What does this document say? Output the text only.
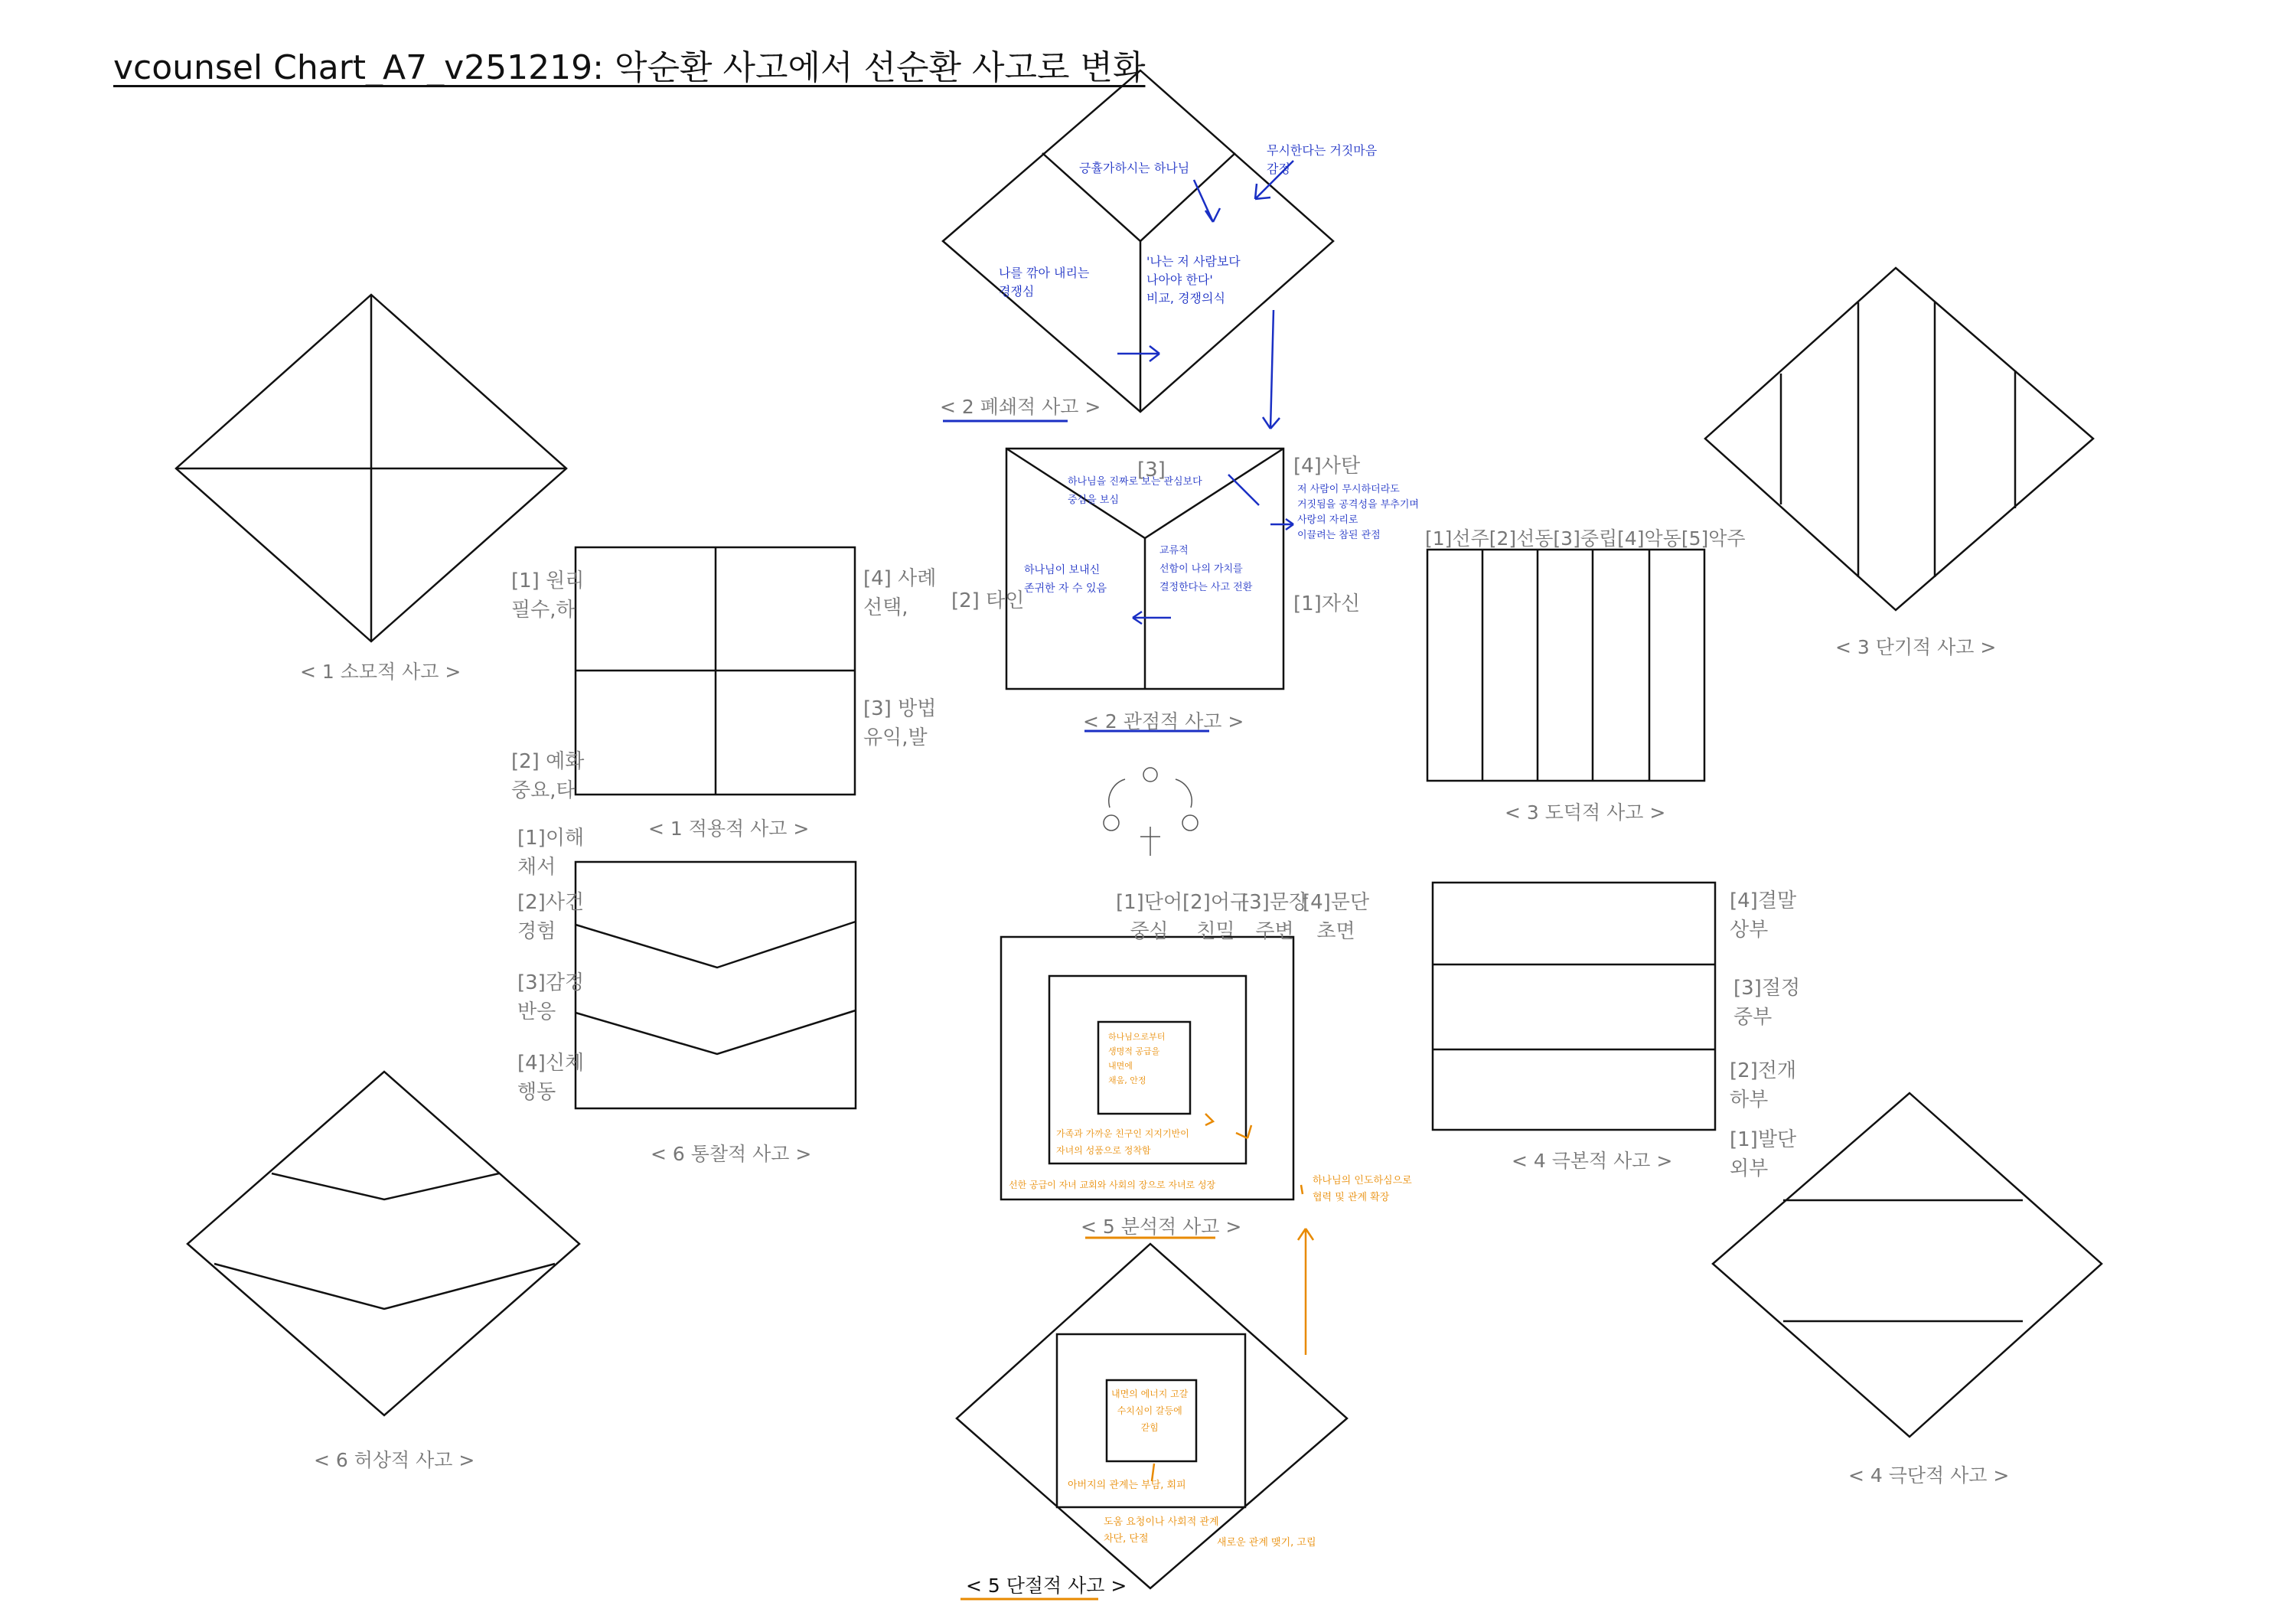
vcounsel Chart_A7_v251219: 악순환 사고에서 선순환 사고로 변화
< 1 소모적 사고 >
< 2 폐쇄적 사고 >
< 3 단기적 사고 >
< 4 극단적 사고 >
< 5 단절적 사고 >
< 6 허상적 사고 >
< 1 적용적 사고 >
< 2 관점적 사고 >
< 3 도덕적 사고 >
< 4 극본적 사고 >
< 5 분석적 사고 >
< 6 통찰적 사고 >
[1] 원리
필수,하
[4] 사례
선택,
[3] 방법
유익,발
[2] 예화
중요,타
[3]	[4]사탄
[2] 타인	[1]자신
[1]선주[2]선동[3]중립[4]악동[5]악주
[4]결말
상부
[3]절정
중부
[2]전개
하부
[1]발단
외부
[1]단어
중심
[2]어구
친밀
[3]문장
주변
[4]문단
초면
[1]이해
채서
[2]사건
경험
[3]감정
반응
[4]신체
행동
긍휼가하시는 하나님
무시한다는 거짓마음
감정
나를 깎아 내리는
경쟁심
'나는 저 사람보다
나아야 한다'
비교, 경쟁의식
하나님을 진짜로 보는 관심보다
중심을 보심
저 사람이 무시하더라도
거짓됨을 공격성을 부추기며
사랑의 자리로
이끌려는 참된 관점
하나님이 보내신
존귀한 자 수 있음
교류적
선함이 나의 가치를
결정한다는 사고 전환
하나님으로부터
생명적 공급을
내면에
채움, 안정
가족과 가까운 친구인 지지기반이
자녀의 성품으로 정착함
선한 공급이 자녀 교회와 사회의 장으로 자녀로 성장	하나님의 인도하심으로
협력 및 관계 확장
내면의 에너지 고갈
수치심이 갈등에
갇힘
아버지의 관계는 부담, 회피
도움 요청이나 사회적 관계
차단, 단절	새로운 관계 맺기, 고립
